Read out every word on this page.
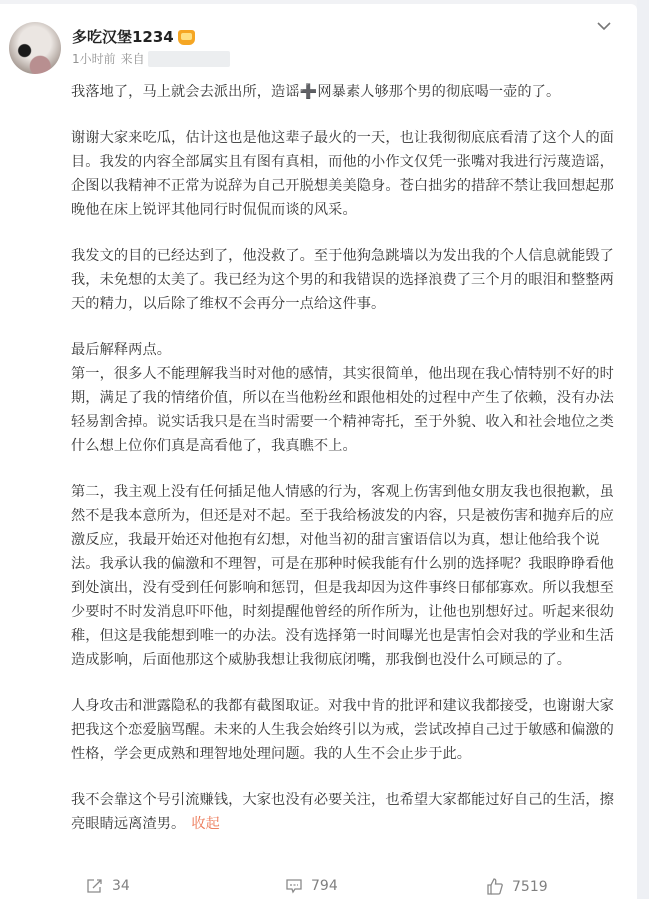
多吃汉堡1234
1小时前 来自

我落地了，马上就会去派出所，造谣➕网暴素人够那个男的彻底喝一壶的了。

谢谢大家来吃瓜，估计这也是他这辈子最火的一天，也让我彻彻底底看清了这个人的面目。我发的内容全部属实且有图有真相，而他的小作文仅凭一张嘴对我进行污蔑造谣，企图以我精神不正常为说辞为自己开脱想美美隐身。苍白拙劣的措辞不禁让我回想起那晚他在床上锐评其他同行时侃侃而谈的风采。

我发文的目的已经达到了，他没救了。至于他狗急跳墙以为发出我的个人信息就能毁了我，未免想的太美了。我已经为这个男的和我错误的选择浪费了三个月的眼泪和整整两天的精力，以后除了维权不会再分一点给这件事。

最后解释两点。

第一，很多人不能理解我当时对他的感情，其实很简单，他出现在我心情特别不好的时期，满足了我的情绪价值，所以在当他粉丝和跟他相处的过程中产生了依赖，没有办法轻易割舍掉。说实话我只是在当时需要一个精神寄托，至于外貌、收入和社会地位之类什么想上位你们真是高看他了，我真瞧不上。

第二，我主观上没有任何插足他人情感的行为，客观上伤害到他女朋友我也很抱歉，虽然不是我本意所为，但还是对不起。至于我给杨波发的内容，只是被伤害和抛弃后的应激反应，我最开始还对他抱有幻想，对他当初的甜言蜜语信以为真，想让他给我个说法。我承认我的偏激和不理智，可是在那种时候我能有什么别的选择呢？我眼睁睁看他到处演出，没有受到任何影响和惩罚，但是我却因为这件事终日郁郁寡欢。所以我想至少要时不时发消息吓吓他，时刻提醒他曾经的所作所为，让他也别想好过。听起来很幼稚，但这是我能想到唯一的办法。没有选择第一时间曝光也是害怕会对我的学业和生活造成影响，后面他那这个威胁我想让我彻底闭嘴，那我倒也没什么可顾忌的了。

人身攻击和泄露隐私的我都有截图取证。对我中肯的批评和建议我都接受，也谢谢大家把我这个恋爱脑骂醒。未来的人生我会始终引以为戒，尝试改掉自己过于敏感和偏激的性格，学会更成熟和理智地处理问题。我的人生不会止步于此。

我不会靠这个号引流赚钱，大家也没有必要关注，也希望大家都能过好自己的生活，擦亮眼睛远离渣男。 收起

34	794	7519
